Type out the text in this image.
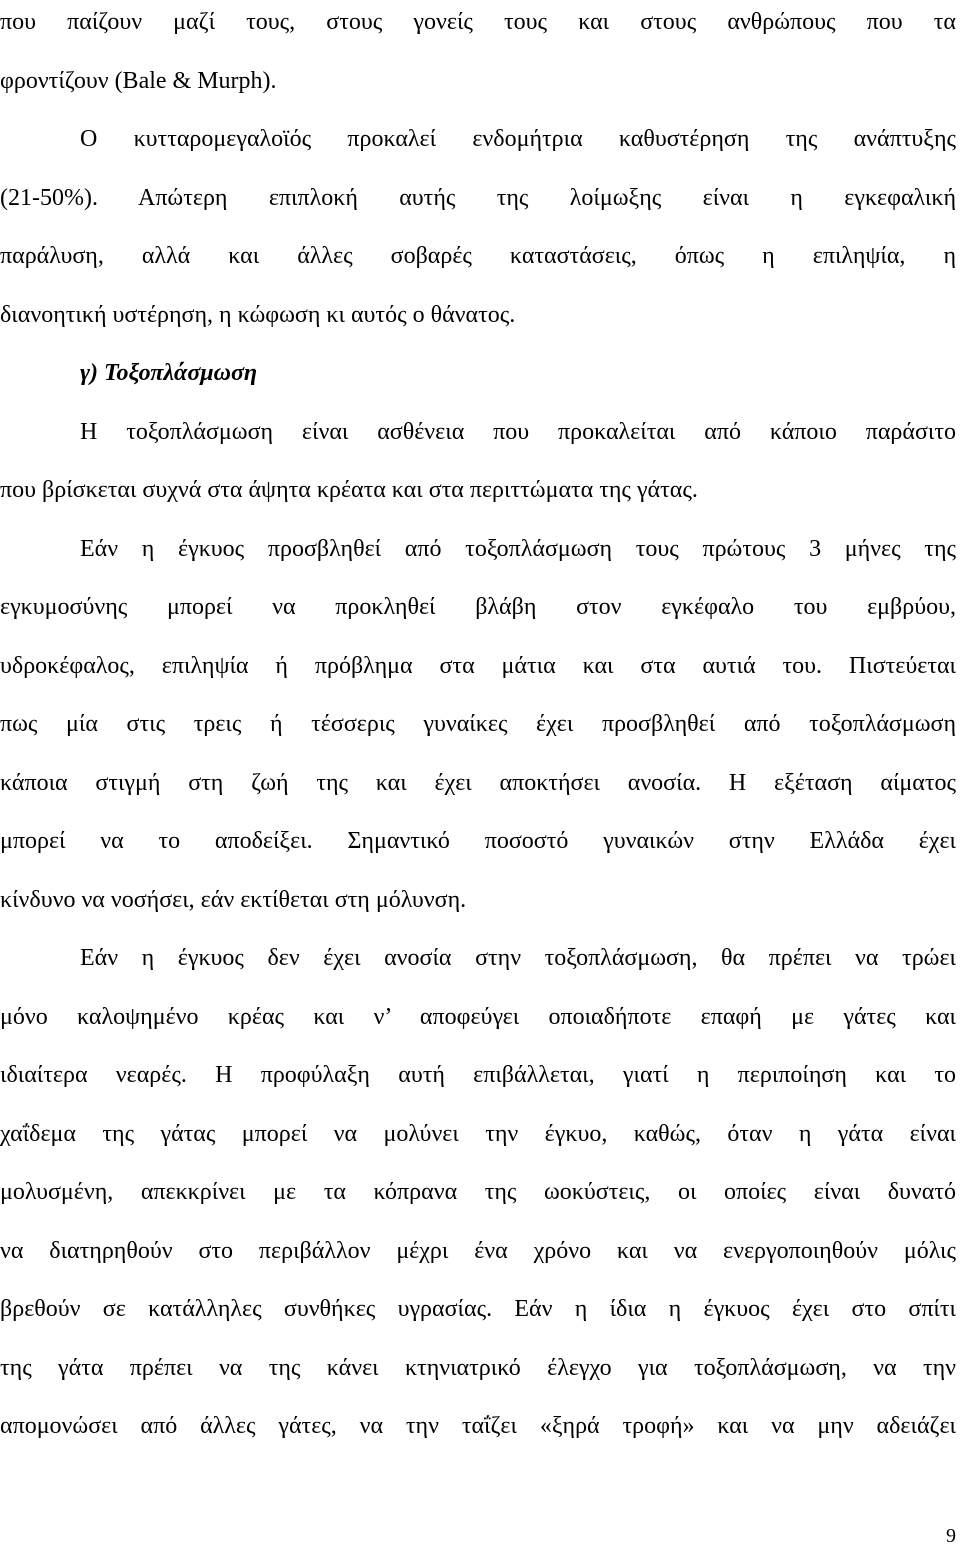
που παίζουν μαζί τους, στους γονείς τους και στους ανθρώπους που τα
φροντίζουν (Bale & Murph).
Ο κυτταρομεγαλοϊός προκαλεί ενδομήτρια καθυστέρηση της ανάπτυξης
(21-50%). Απώτερη επιπλοκή αυτής της λοίμωξης είναι η εγκεφαλική
παράλυση, αλλά και άλλες σοβαρές καταστάσεις, όπως η επιληψία, η
διανοητική υστέρηση, η κώφωση κι αυτός ο θάνατος.
γ) Τοξοπλάσμωση
Η τοξοπλάσμωση είναι ασθένεια που προκαλείται από κάποιο παράσιτο
που βρίσκεται συχνά στα άψητα κρέατα και στα περιττώματα της γάτας.
Εάν η έγκυος προσβληθεί από τοξοπλάσμωση τους πρώτους 3 μήνες της
εγκυμοσύνης μπορεί να προκληθεί βλάβη στον εγκέφαλο του εμβρύου,
υδροκέφαλος, επιληψία ή πρόβλημα στα μάτια και στα αυτιά του. Πιστεύεται
πως μία στις τρεις ή τέσσερις γυναίκες έχει προσβληθεί από τοξοπλάσμωση
κάποια στιγμή στη ζωή της και έχει αποκτήσει ανοσία. Η εξέταση αίματος
μπορεί να το αποδείξει. Σημαντικό ποσοστό γυναικών στην Ελλάδα έχει
κίνδυνο να νοσήσει, εάν εκτίθεται στη μόλυνση.
Εάν η έγκυος δεν έχει ανοσία στην τοξοπλάσμωση, θα πρέπει να τρώει
μόνο καλοψημένο κρέας και ν’ αποφεύγει οποιαδήποτε επαφή με γάτες και
ιδιαίτερα νεαρές. Η προφύλαξη αυτή επιβάλλεται, γιατί η περιποίηση και το
χαΐδεμα της γάτας μπορεί να μολύνει την έγκυο, καθώς, όταν η γάτα είναι
μολυσμένη, απεκκρίνει με τα κόπρανα της ωοκύστεις, οι οποίες είναι δυνατό
να διατηρηθούν στο περιβάλλον μέχρι ένα χρόνο και να ενεργοποιηθούν μόλις
βρεθούν σε κατάλληλες συνθήκες υγρασίας. Εάν η ίδια η έγκυος έχει στο σπίτι
της γάτα πρέπει να της κάνει κτηνιατρικό έλεγχο για τοξοπλάσμωση, να την
απομονώσει από άλλες γάτες, να την ταΐζει «ξηρά τροφή» και να μην αδειάζει
9
